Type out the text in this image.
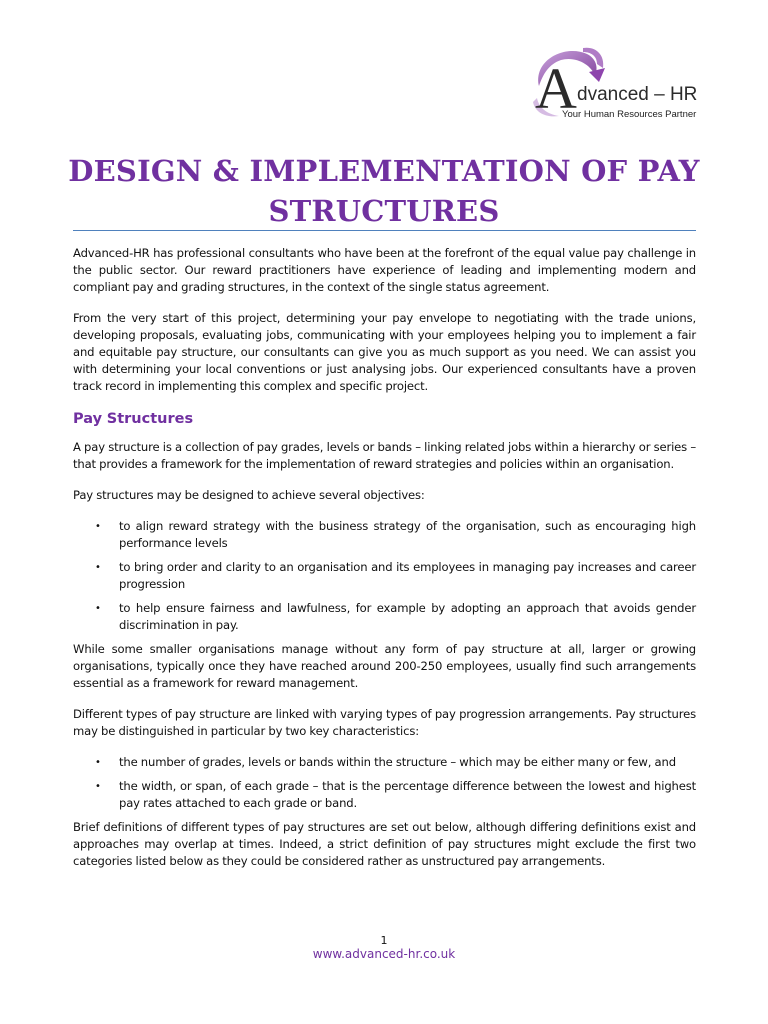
A dvanced – HR
Your Human Resources Partner
DESIGN & IMPLEMENTATION OF PAY
STRUCTURES

Advanced-HR has professional consultants who have been at the forefront of the equal value pay challenge in the public sector. Our reward practitioners have experience of leading and implementing modern and compliant pay and grading structures, in the context of the single status agreement.

From the very start of this project, determining your pay envelope to negotiating with the trade unions, developing proposals, evaluating jobs, communicating with your employees helping you to implement a fair and equitable pay structure, our consultants can give you as much support as you need. We can assist you with determining your local conventions or just analysing jobs. Our experienced consultants have a proven track record in implementing this complex and specific project.

Pay Structures

A pay structure is a collection of pay grades, levels or bands – linking related jobs within a hierarchy or series – that provides a framework for the implementation of reward strategies and policies within an organisation.

Pay structures may be designed to achieve several objectives:

• to align reward strategy with the business strategy of the organisation, such as encouraging high performance levels
• to bring order and clarity to an organisation and its employees in managing pay increases and career progression
• to help ensure fairness and lawfulness, for example by adopting an approach that avoids gender discrimination in pay.

While some smaller organisations manage without any form of pay structure at all, larger or growing organisations, typically once they have reached around 200-250 employees, usually find such arrangements essential as a framework for reward management.

Different types of pay structure are linked with varying types of pay progression arrangements. Pay structures may be distinguished in particular by two key characteristics:

• the number of grades, levels or bands within the structure – which may be either many or few, and
• the width, or span, of each grade – that is the percentage difference between the lowest and highest pay rates attached to each grade or band.

Brief definitions of different types of pay structures are set out below, although differing definitions exist and approaches may overlap at times. Indeed, a strict definition of pay structures might exclude the first two categories listed below as they could be considered rather as unstructured pay arrangements.

1
www.advanced-hr.co.uk
